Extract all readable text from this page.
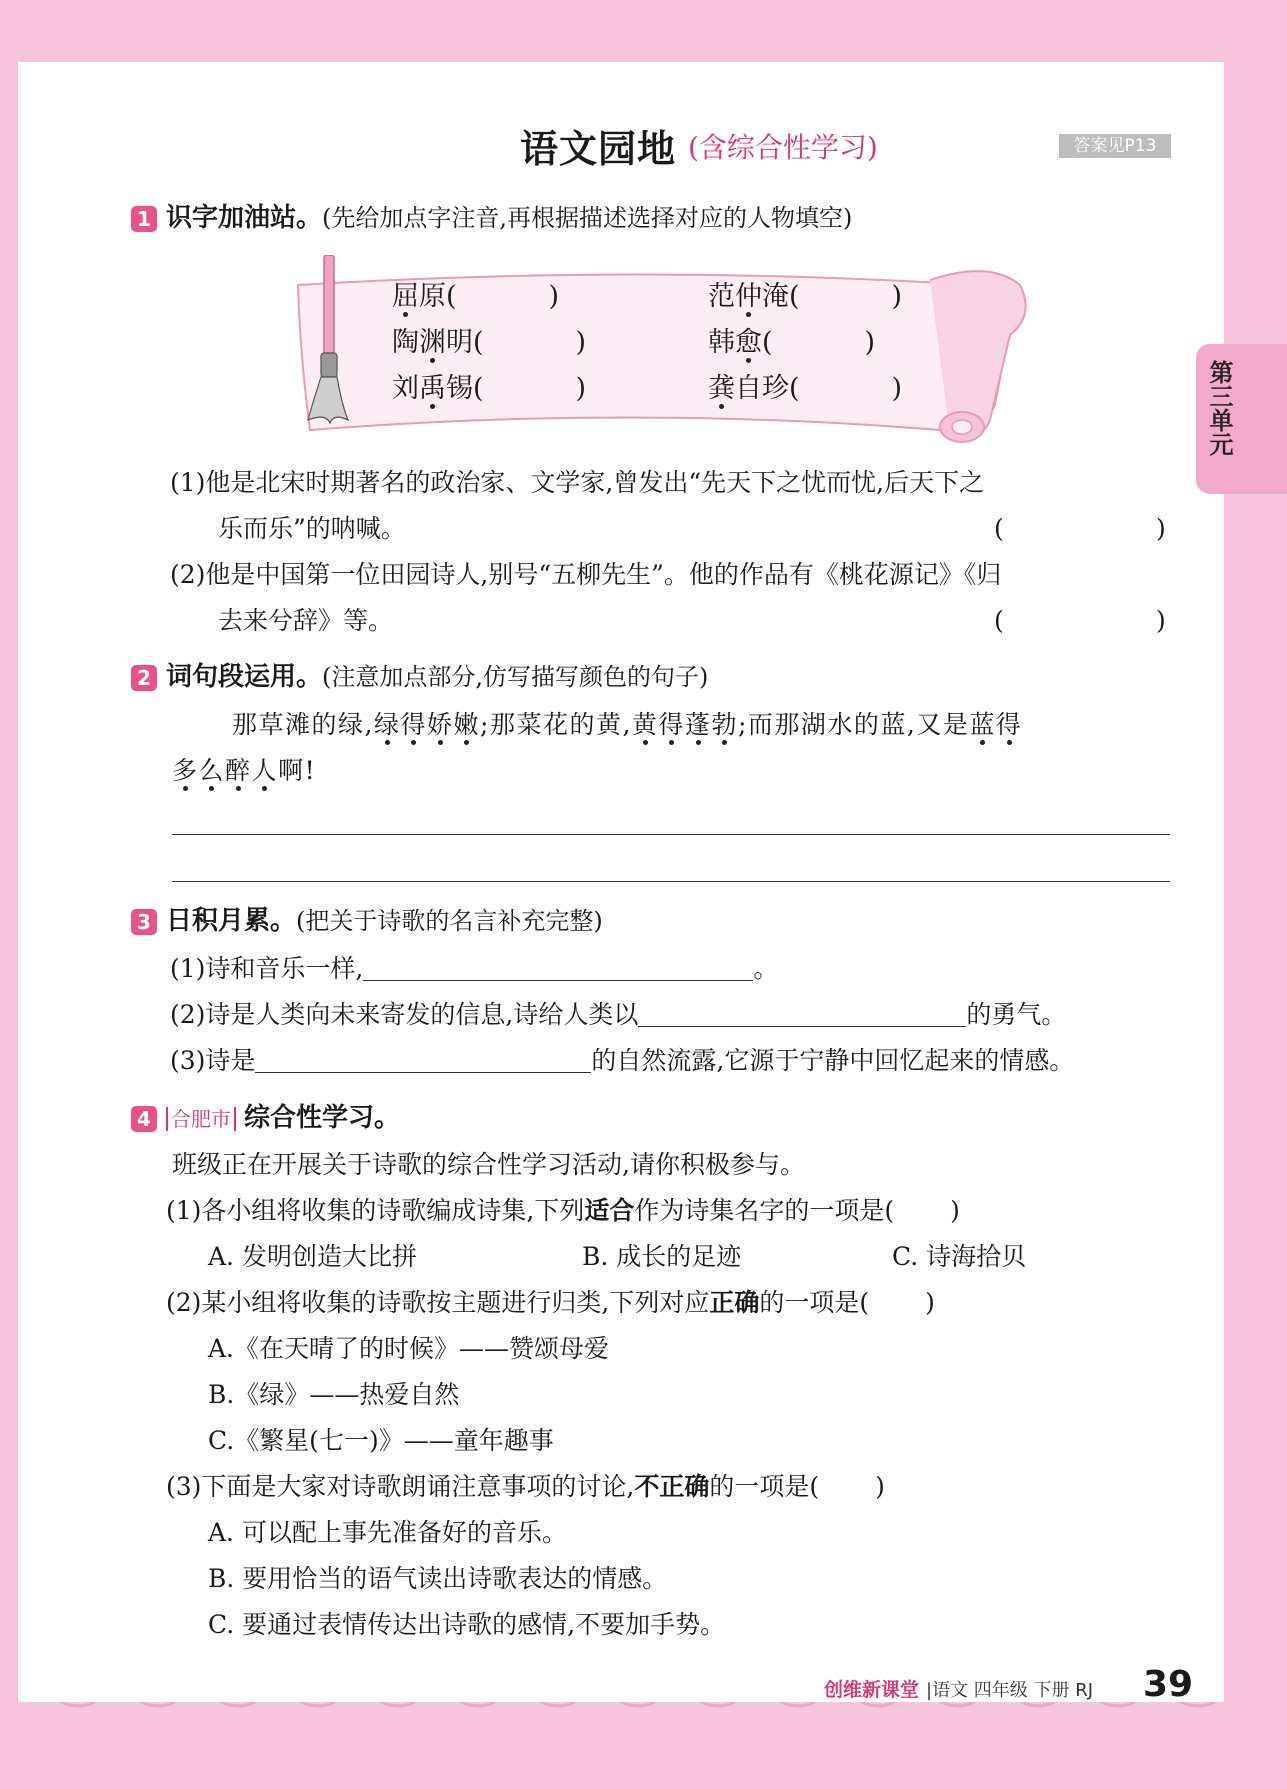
语文园地 (含综合性学习)	答案见P13
第三单元
1 识字加油站。(先给加点字注音,再根据描述选择对应的人物填空)
屈原(	)	范仲淹(	)
陶渊明(	)	韩愈(	)
刘禹锡(	)	龚自珍(	)
(1)他是北宋时期著名的政治家、文学家,曾发出“先天下之忧而忧,后天下之
乐而乐”的呐喊。	(	)
(2)他是中国第一位田园诗人,别号“五柳先生”。他的作品有《桃花源记》《归
去来兮辞》等。	(	)
2 词句段运用。(注意加点部分,仿写描写颜色的句子)
那草滩的绿,绿得娇嫩;那菜花的黄,黄得蓬勃;而那湖水的蓝,又是蓝得
多么醉人啊!
3 日积月累。(把关于诗歌的名言补充完整)
(1)诗和音乐一样,	。
(2)诗是人类向未来寄发的信息,诗给人类以	的勇气。
(3)诗是	的自然流露,它源于宁静中回忆起来的情感。
4	合肥市 综合性学习。
班级正在开展关于诗歌的综合性学习活动,请你积极参与。
(1)各小组将收集的诗歌编成诗集,下列适合作为诗集名字的一项是( )
A. 发明创造大比拼	B. 成长的足迹	C. 诗海拾贝
(2)某小组将收集的诗歌按主题进行归类,下列对应正确的一项是( )
A.《在天晴了的时候》——赞颂母爱
B.《绿》——热爱自然
C.《繁星(七一)》——童年趣事
(3)下面是大家对诗歌朗诵注意事项的讨论,不正确的一项是( )
A. 可以配上事先准备好的音乐。
B. 要用恰当的语气读出诗歌表达的情感。
C. 要通过表情传达出诗歌的感情,不要加手势。
创维新课堂 |语文 四年级 下册 RJ 39
